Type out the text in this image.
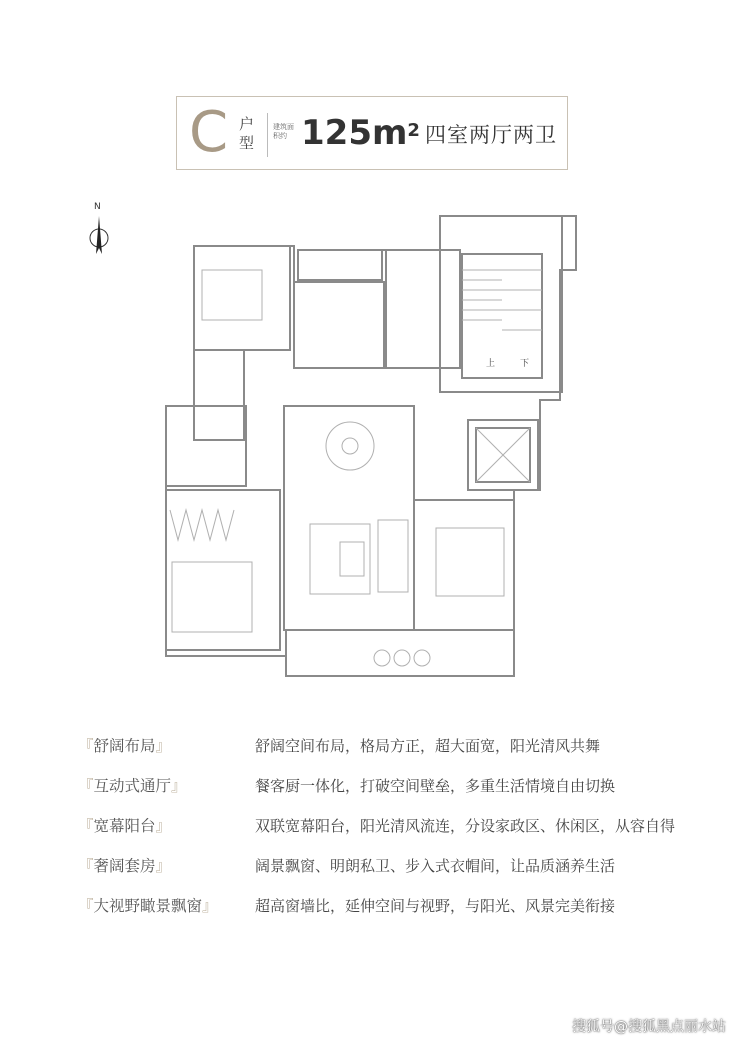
C 户型
建筑面积约 $125m^2$ 四室两厅两卫
N
上	下
『舒阔布局』	舒阔空间布局，格局方正，超大面宽，阳光清风共舞
『互动式通厅』	餐客厨一体化，打破空间壁垒，多重生活情境自由切换
『宽幕阳台』	双联宽幕阳台，阳光清风流连，分设家政区、休闲区，从容自得
『奢阔套房』	阔景飘窗、明朗私卫、步入式衣帽间，让品质涵养生活
『大视野瞰景飘窗』 超高窗墙比，延伸空间与视野，与阳光、风景完美衔接
搜狐号@搜狐黑点丽水站
